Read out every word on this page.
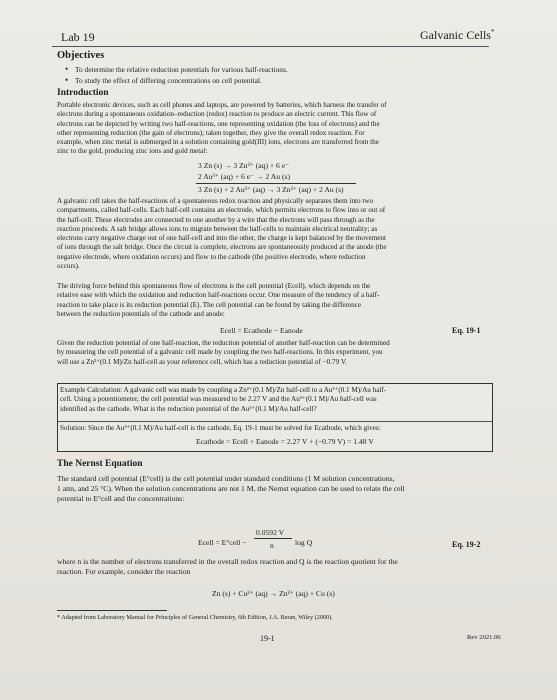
Lab 19	Galvanic Cells*
Objectives
• To determine the relative reduction potentials for various half-reactions.
• To study the effect of differing concentrations on cell potential.
Introduction
Portable electronic devices, such as cell phones and laptops, are powered by batteries, which harness the transfer of
electrons during a spontaneous oxidation–reduction (redox) reaction to produce an electric current. This flow of
electrons can be depicted by writing two half-reactions, one representing oxidation (the loss of electrons) and the
other representing reduction (the gain of electrons); taken together, they give the overall redox reaction. For
example, when zinc metal is submerged in a solution containing gold(III) ions, electrons are transferred from the
zinc to the gold, producing zinc ions and gold metal:
3 Zn (s) → 3 Zn²⁺ (aq) + 6 e⁻
2 Au³⁺ (aq) + 6 e⁻ → 2 Au (s)
3 Zn (s) + 2 Au³⁺ (aq) → 3 Zn²⁺ (aq) + 2 Au (s)
A galvanic cell takes the half-reactions of a spontaneous redox reaction and physically separates them into two
compartments, called half-cells. Each half-cell contains an electrode, which permits electrons to flow into or out of
the half-cell. These electrodes are connected to one another by a wire that the electrons will pass through as the
reaction proceeds. A salt bridge allows ions to migrate between the half-cells to maintain electrical neutrality; as
electrons carry negative charge out of one half-cell and into the other, the charge is kept balanced by the movement
of ions through the salt bridge. Once the circuit is complete, electrons are spontaneously produced at the anode (the
negative electrode, where oxidation occurs) and flow to the cathode (the positive electrode, where reduction
occurs).
The driving force behind this spontaneous flow of electrons is the cell potential (Ecell), which depends on the
relative ease with which the oxidation and reduction half-reactions occur. One measure of the tendency of a half-
reaction to take place is its reduction potential (E). The cell potential can be found by taking the difference
between the reduction potentials of the cathode and anode:
Ecell = Ecathode − Eanode	Eq. 19-1
Given the reduction potential of one half-reaction, the reduction potential of another half-reaction can be determined
by measuring the cell potential of a galvanic cell made by coupling the two half-reactions. In this experiment, you
will use a Zn²⁺(0.1 M)/Zn half-cell as your reference cell, which has a reduction potential of −0.79 V.
Example Calculation: A galvanic cell was made by coupling a Zn²⁺(0.1 M)/Zn half-cell to a Au³⁺(0.1 M)/Au half-
cell. Using a potentiometer, the cell potential was measured to be 2.27 V and the Au³⁺(0.1 M)/Au half-cell was
identified as the cathode. What is the reduction potential of the Au³⁺(0.1 M)/Au half-cell?
Solution: Since the Au³⁺(0.1 M)/Au half-cell is the cathode, Eq. 19-1 must be solved for Ecathode, which gives:
Ecathode = Ecell + Eanode = 2.27 V + (−0.79 V) = 1.48 V
The Nernst Equation
The standard cell potential (E°cell) is the cell potential under standard conditions (1 M solution concentrations,
1 atm, and 25 °C). When the solution concentrations are not 1 M, the Nernst equation can be used to relate the cell
potential to E°cell and the concentrations:
Ecell = E°cell −
0.0592 V
n	log Q	Eq. 19-2
where n is the number of electrons transferred in the overall redox reaction and Q is the reaction quotient for the
reaction. For example, consider the reaction
Zn (s) + Cu²⁺ (aq) → Zn²⁺ (aq) + Cu (s)
* Adapted from Laboratory Manual for Principles of General Chemistry, 6th Edition, J.A. Beran, Wiley (2000).
19-1	Rev 2021.06
